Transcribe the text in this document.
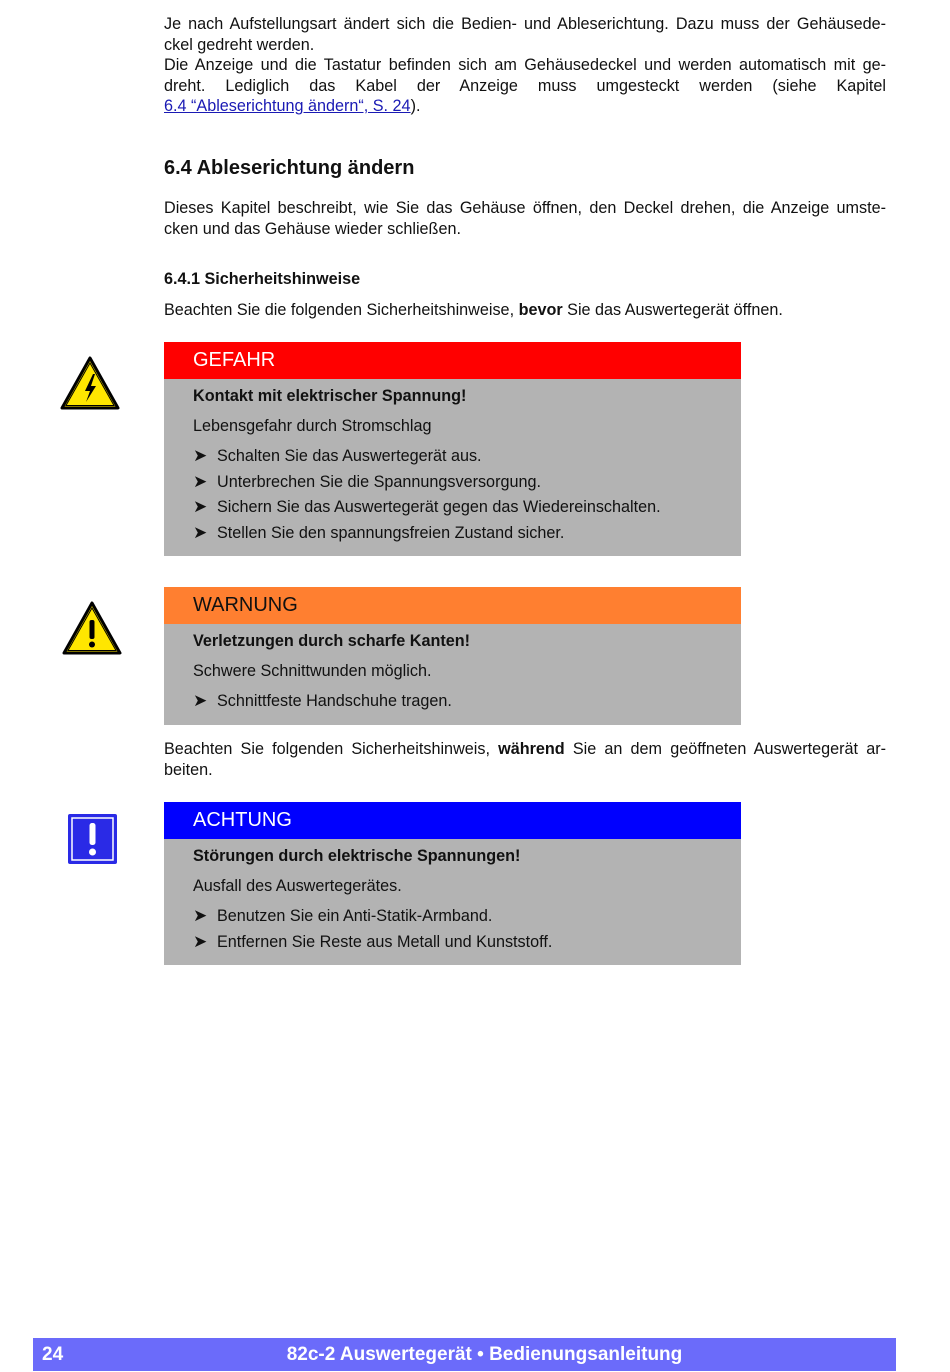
Je nach Aufstellungsart ändert sich die Bedien- und Ableserichtung. Dazu muss der Gehäusede-

ckel gedreht werden.

Die Anzeige und die Tastatur befinden sich am Gehäusedeckel und werden automatisch mit ge-

dreht. Lediglich das Kabel der Anzeige muss umgesteckt werden (siehe Kapitel

6.4 “Ableserichtung ändern“, S. 24).

6.4 Ableserichtung ändern

Dieses Kapitel beschreibt, wie Sie das Gehäuse öffnen, den Deckel drehen, die Anzeige umste-

cken und das Gehäuse wieder schließen.

6.4.1 Sicherheitshinweise

Beachten Sie die folgenden Sicherheitshinweise, bevor Sie das Auswertegerät öffnen.

GEFAHR
Kontakt mit elektrischer Spannung!
Lebensgefahr durch Stromschlag
➤ Schalten Sie das Auswertegerät aus.
➤ Unterbrechen Sie die Spannungsversorgung.
➤ Sichern Sie das Auswertegerät gegen das Wiedereinschalten.
➤ Stellen Sie den spannungsfreien Zustand sicher.
WARNUNG
Verletzungen durch scharfe Kanten!
Schwere Schnittwunden möglich.
➤ Schnittfeste Handschuhe tragen.

Beachten Sie folgenden Sicherheitshinweis, während Sie an dem geöffneten Auswertegerät ar-

beiten.

ACHTUNG
Störungen durch elektrische Spannungen!
Ausfall des Auswertegerätes.
➤ Benutzen Sie ein Anti-Statik-Armband.
➤ Entfernen Sie Reste aus Metall und Kunststoff.
24	82c-2 Auswertegerät • Bedienungsanleitung
